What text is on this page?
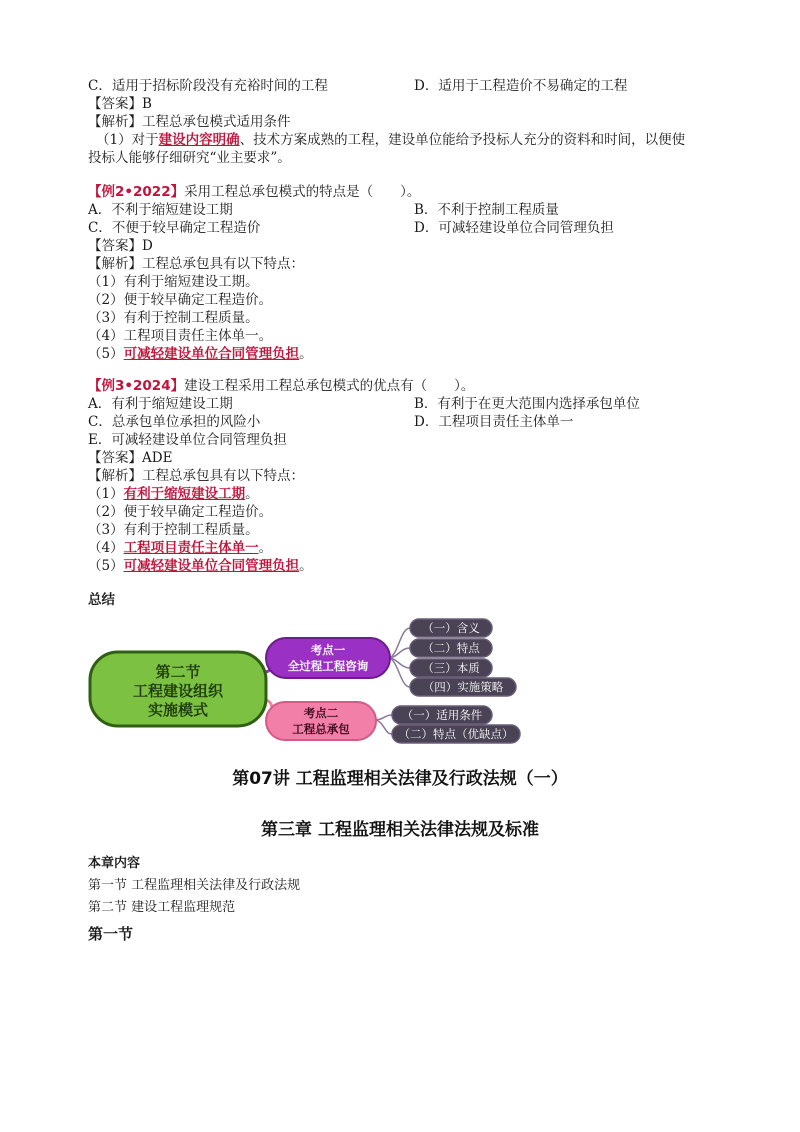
C．适用于招标阶段没有充裕时间的工程	D．适用于工程造价不易确定的工程
【答案】B
【解析】工程总承包模式适用条件
（1）对于建设内容明确、技术方案成熟的工程，建设单位能给予投标人充分的资料和时间，以便使
投标人能够仔细研究“业主要求”。
【例2•2022】采用工程总承包模式的特点是（　　）。
A．不利于缩短建设工期	B．不利于控制工程质量
C．不便于较早确定工程造价	D．可减轻建设单位合同管理负担
【答案】D
【解析】工程总承包具有以下特点：
（1）有利于缩短建设工期。
（2）便于较早确定工程造价。
（3）有利于控制工程质量。
（4）工程项目责任主体单一。
（5）可减轻建设单位合同管理负担。
【例3•2024】建设工程采用工程总承包模式的优点有（　　）。
A．有利于缩短建设工期	B．有利于在更大范围内选择承包单位
C．总承包单位承担的风险小	D．工程项目责任主体单一
E．可减轻建设单位合同管理负担
【答案】ADE
【解析】工程总承包具有以下特点：
（1）有利于缩短建设工期。
（2）便于较早确定工程造价。
（3）有利于控制工程质量。
（4）工程项目责任主体单一。
（5）可减轻建设单位合同管理负担。
总结
第二节
工程建设组织
实施模式
考点一
全过程工程咨询
（一）含义
（二）特点
（三）本质
（四）实施策略
考点二
工程总承包
（一）适用条件
（二）特点（优缺点）
第07讲 工程监理相关法律及行政法规（一）
第三章 工程监理相关法律法规及标准
本章内容
第一节 工程监理相关法律及行政法规
第二节 建设工程监理规范
第一节
